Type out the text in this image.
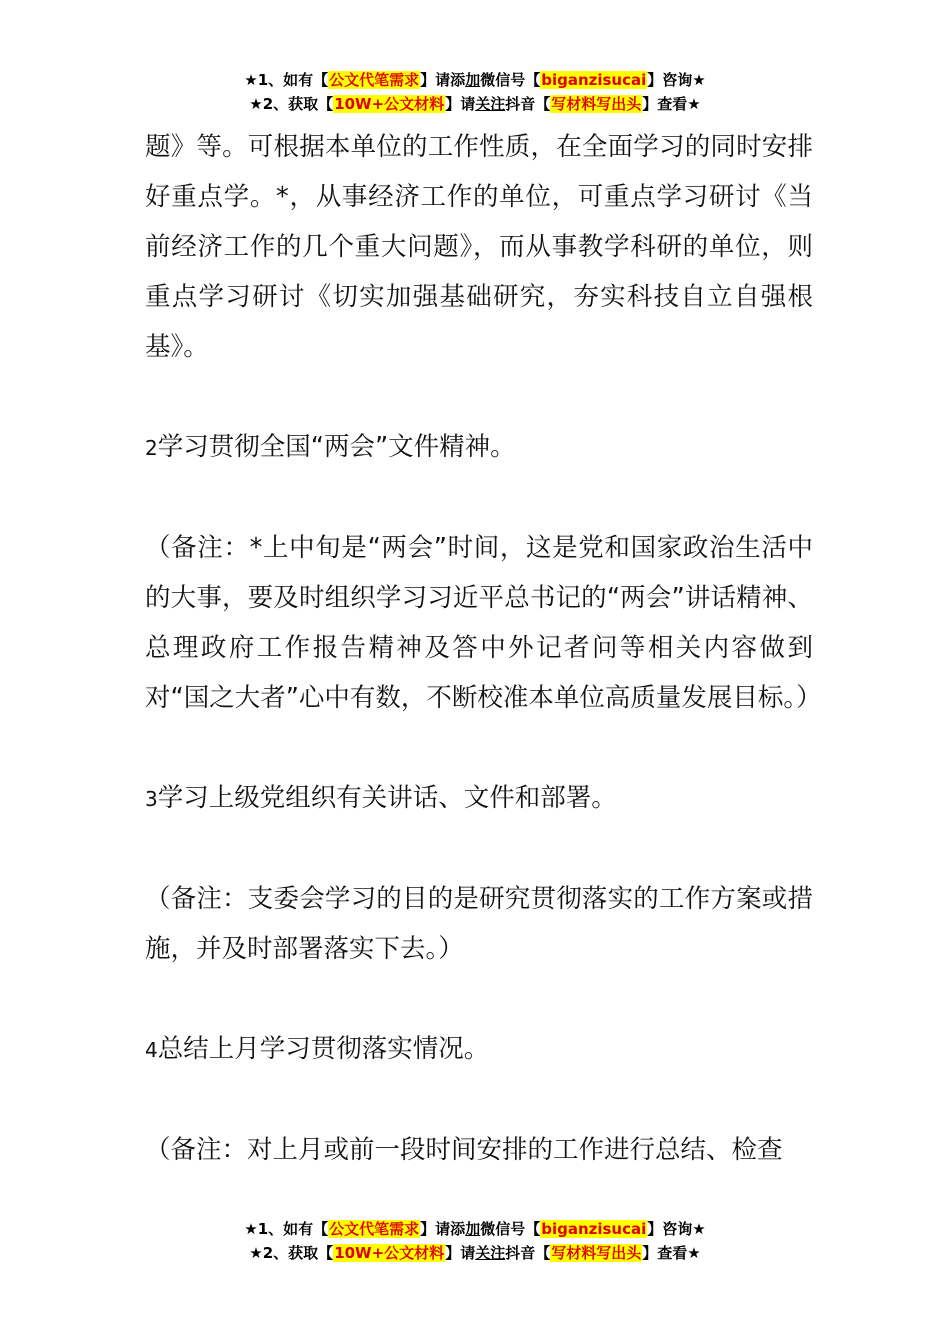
★1、如有【公文代笔需求】请添加微信号【biganzisucai】咨询★
★2、获取【10W+公文材料】请关注抖音【写材料写出头】查看★

题》等。可根据本单位的工作性质，在全面学习的同时安排好重点学。*，从事经济工作的单位，可重点学习研讨《当前经济工作的几个重大问题》，而从事教学科研的单位，则重点学习研讨《切实加强基础研究，夯实科技自立自强根基》。

2学习贯彻全国“两会”文件精神。

（备注：*上中旬是“两会”时间，这是党和国家政治生活中的大事，要及时组织学习习近平总书记的“两会”讲话精神、总理政府工作报告精神及答中外记者问等相关内容做到对“国之大者”心中有数，不断校准本单位高质量发展目标。）

3学习上级党组织有关讲话、文件和部署。

（备注：支委会学习的目的是研究贯彻落实的工作方案或措施，并及时部署落实下去。）

4总结上月学习贯彻落实情况。

（备注：对上月或前一段时间安排的工作进行总结、检查

★1、如有【公文代笔需求】请添加微信号【biganzisucai】咨询★
★2、获取【10W+公文材料】请关注抖音【写材料写出头】查看★
